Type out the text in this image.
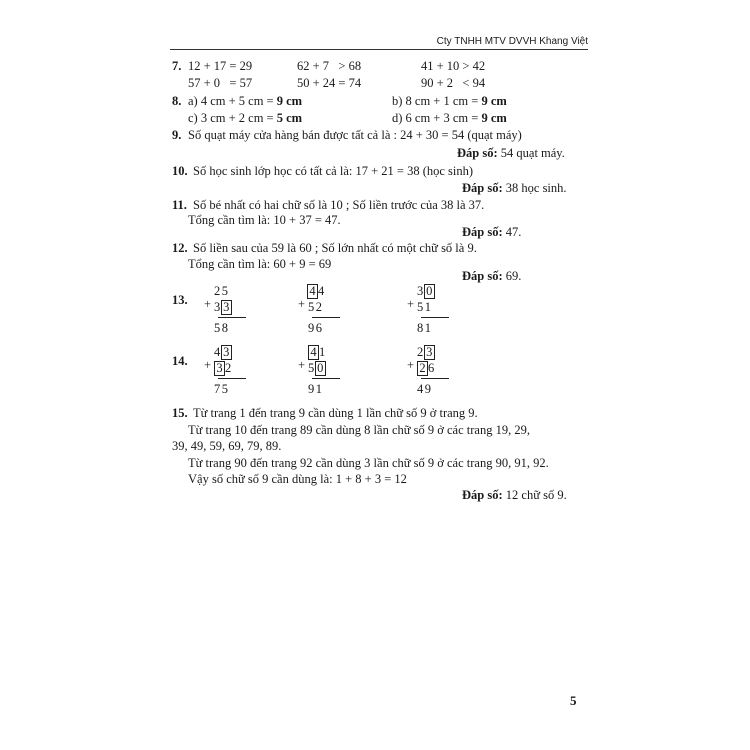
Cty TNHH MTV DVVH Khang Việt
7. 12 + 17 = 29	62 + 7   > 68	41 + 10 > 42
57 + 0   = 57	50 + 24 = 74	90 + 2   < 94
8. a) 4 cm + 5 cm = 9 cm	b) 8 cm + 1 cm = 9 cm
c) 3 cm + 2 cm = 5 cm	d) 6 cm + 3 cm = 9 cm
9. Số quạt máy cửa hàng bán được tất cả là : 24 + 30 = 54 (quạt máy)
Đáp số: 54 quạt máy.
10. Số học sinh lớp học có tất cả là: 17 + 21 = 38 (học sinh)
Đáp số: 38 học sinh.
11. Số bé nhất có hai chữ số là 10 ; Số liền trước của 38 là 37.
Tổng cần tìm là: 10 + 37 = 47.
Đáp số: 47.
12. Số liền sau của 59 là 60 ; Số lớn nhất có một chữ số là 9.
Tổng cần tìm là: 60 + 9 = 69
Đáp số: 69.
13. +
25
33
58
+
4 4
52
96
+
30
51
81
14. +
43
3 2
75
+
4 1
50
91
+
23
2 6
49
15. Từ trang 1 đến trang 9 cần dùng 1 lần chữ số 9 ở trang 9.
Từ trang 10 đến trang 89 cần dùng 8 lần chữ số 9 ở các trang 19, 29,
39, 49, 59, 69, 79, 89.
Từ trang 90 đến trang 92 cần dùng 3 lần chữ số 9 ở các trang 90, 91, 92.
Vậy số chữ số 9 cần dùng là: 1 + 8 + 3 = 12
Đáp số: 12 chữ số 9.
5
